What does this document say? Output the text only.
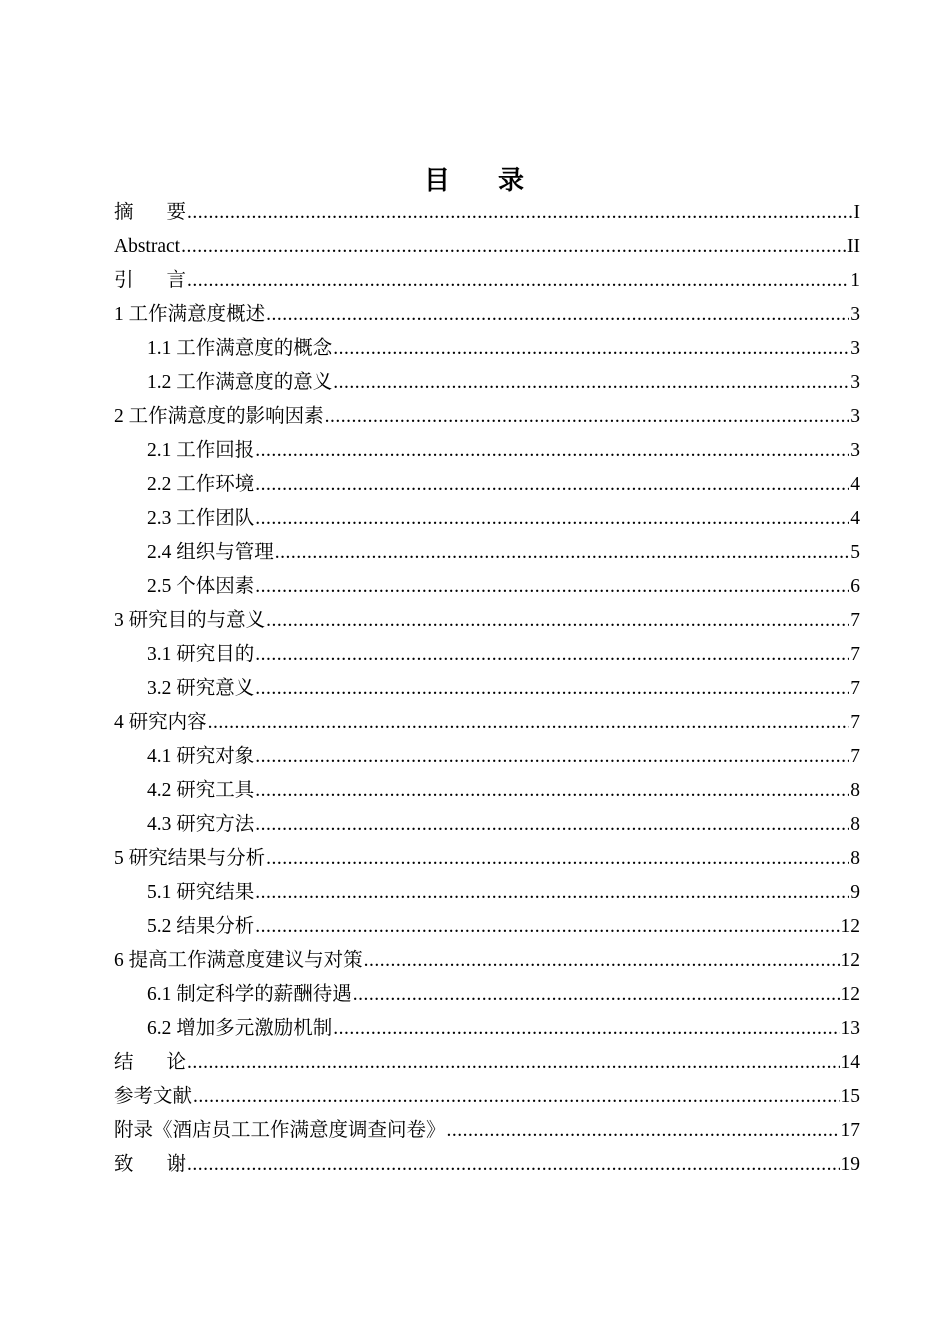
目 录
摘要 .....	I
Abstract .....	II
引言 .....	1
1 工作满意度概述 .....	3
1.1 工作满意度的概念 .....	3
1.2 工作满意度的意义 .....	3
2 工作满意度的影响因素 .....	3
2.1 工作回报 .....	3
2.2 工作环境 .....	4
2.3 工作团队 .....	4
2.4 组织与管理 .....	5
2.5 个体因素 .....	6
3 研究目的与意义 .....	7
3.1 研究目的 .....	7
3.2 研究意义 .....	7
4 研究内容 .....	7
4.1 研究对象 .....	7
4.2 研究工具 .....	8
4.3 研究方法 .....	8
5 研究结果与分析 .....	8
5.1 研究结果 .....	9
5.2 结果分析 .....	12
6 提高工作满意度建议与对策 .....	12
6.1 制定科学的薪酬待遇 .....	12
6.2 增加多元激励机制 .....	13
结论 .....	14
参考文献 .....	15
附录《酒店员工工作满意度调查问卷》 .....	17
致谢 .....	19
